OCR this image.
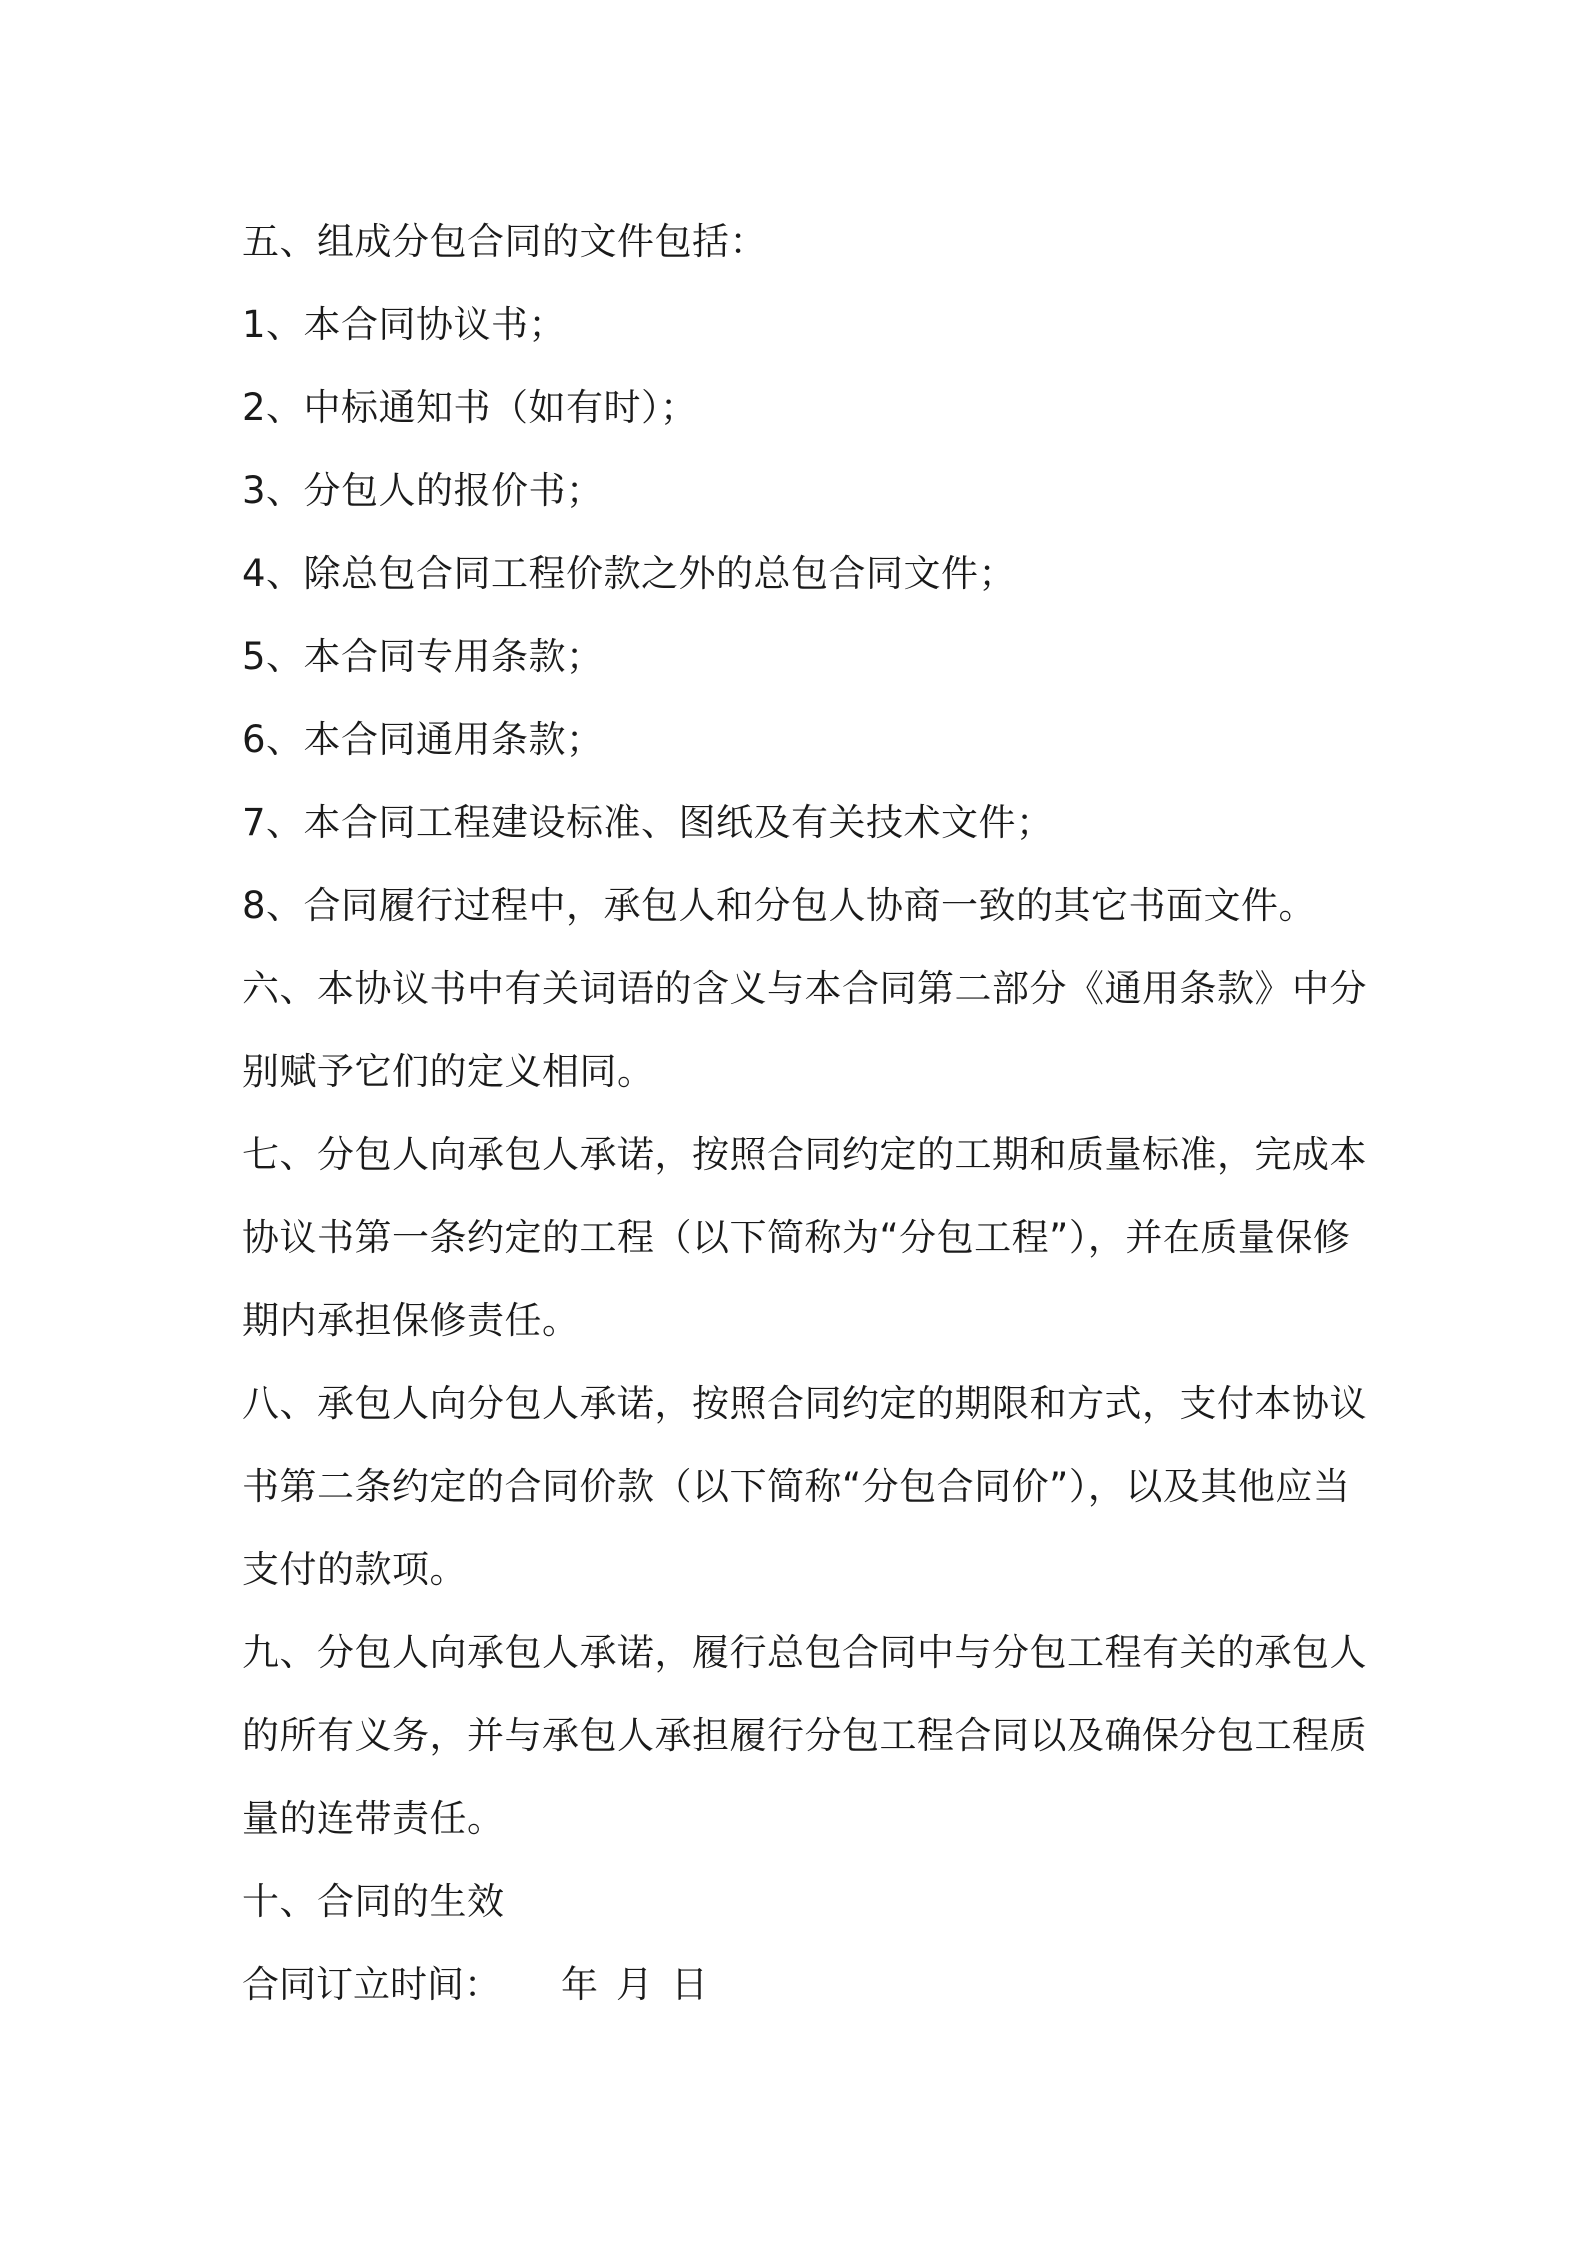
五、组成分包合同的文件包括：

1、本合同协议书；

2、中标通知书（如有时）；

3、分包人的报价书；

4、除总包合同工程价款之外的总包合同文件；

5、本合同专用条款；

6、本合同通用条款；

7、本合同工程建设标准、图纸及有关技术文件；

8、合同履行过程中，承包人和分包人协商一致的其它书面文件。

六、本协议书中有关词语的含义与本合同第二部分《通用条款》中分
别赋予它们的定义相同。

七、分包人向承包人承诺，按照合同约定的工期和质量标准，完成本
协议书第一条约定的工程（以下简称为“分包工程”），并在质量保修
期内承担保修责任。

八、承包人向分包人承诺，按照合同约定的期限和方式，支付本协议
书第二条约定的合同价款（以下简称“分包合同价”），以及其他应当
支付的款项。

九、分包人向承包人承诺，履行总包合同中与分包工程有关的承包人
的所有义务，并与承包人承担履行分包工程合同以及确保分包工程质
量的连带责任。

十、合同的生效

合同订立时间： 年 月 日
